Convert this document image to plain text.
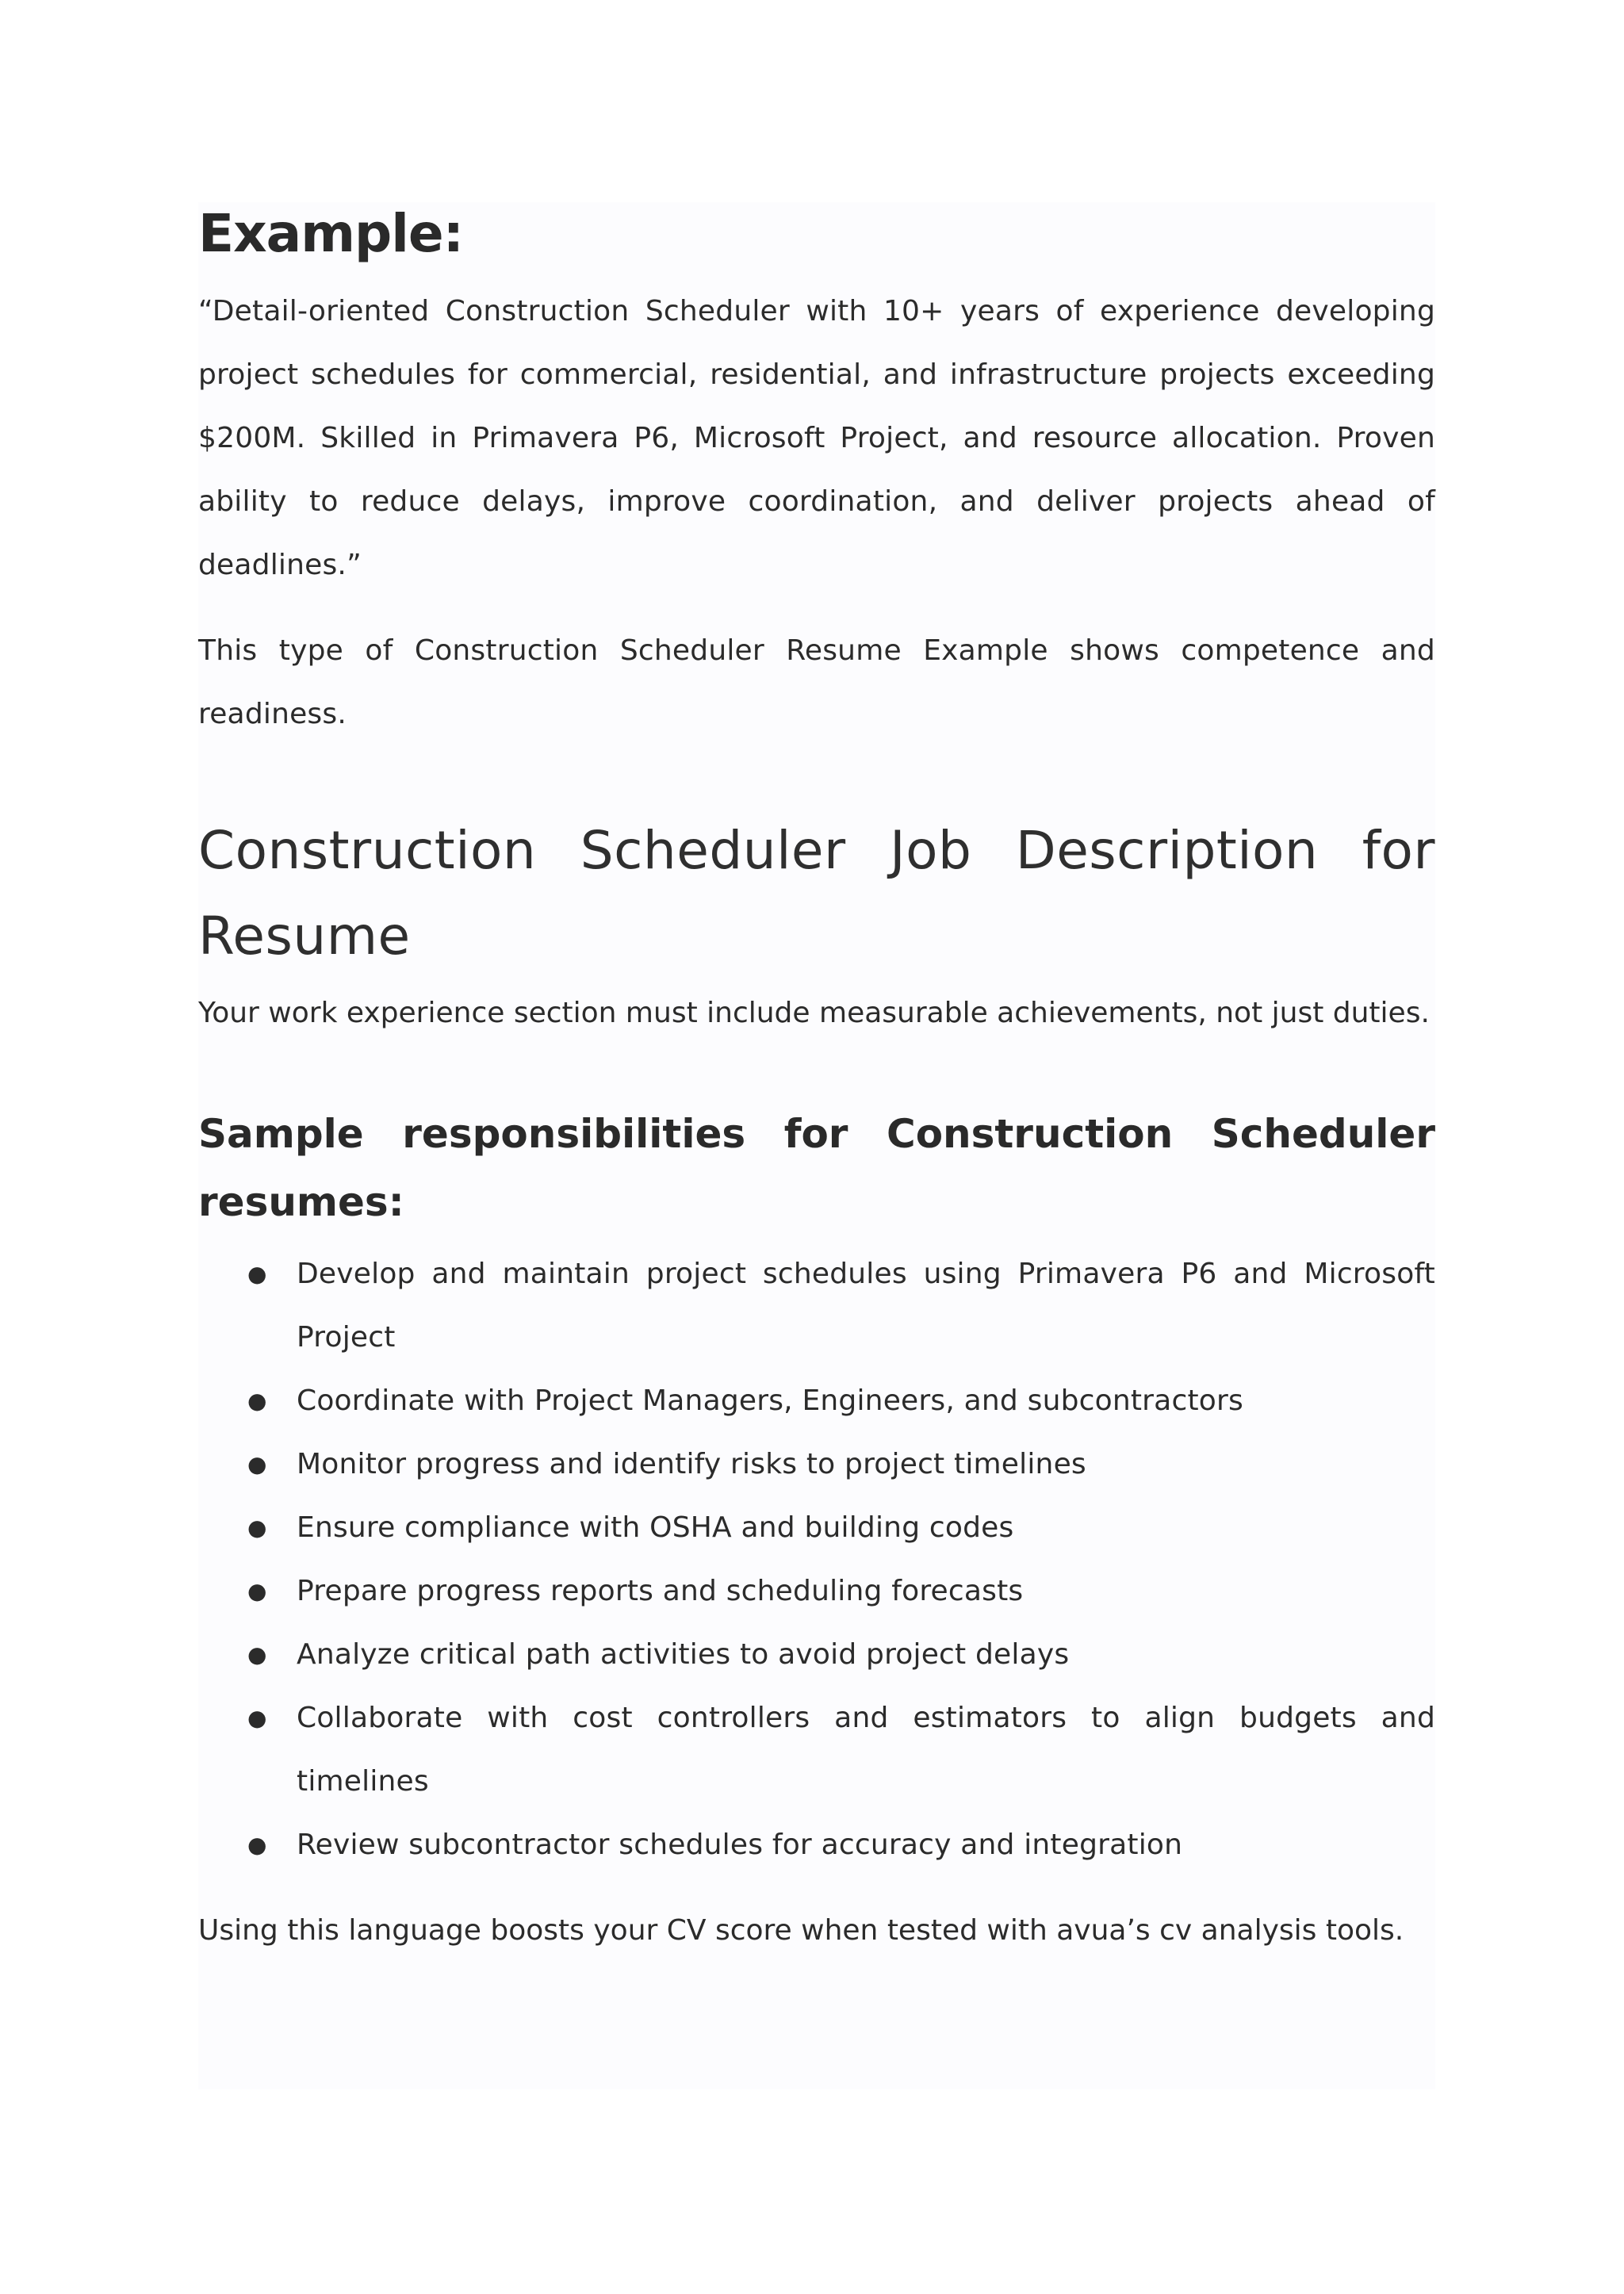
Example:

“Detail-oriented Construction Scheduler with 10+ years of experience developing project schedules for commercial, residential, and infrastructure projects exceeding $200M. Skilled in Primavera P6, Microsoft Project, and resource allocation. Proven ability to reduce delays, improve coordination, and deliver projects ahead of deadlines.”

This type of Construction Scheduler Resume Example shows competence and readiness.

Construction Scheduler Job Description for Resume

Your work experience section must include measurable achievements, not just duties.

Sample responsibilities for Construction Scheduler resumes:
● Develop and maintain project schedules using Primavera P6 and Microsoft Project
● Coordinate with Project Managers, Engineers, and subcontractors
● Monitor progress and identify risks to project timelines
● Ensure compliance with OSHA and building codes
● Prepare progress reports and scheduling forecasts
● Analyze critical path activities to avoid project delays
● Collaborate with cost controllers and estimators to align budgets and timelines
● Review subcontractor schedules for accuracy and integration

Using this language boosts your CV score when tested with avua’s cv analysis tools.
